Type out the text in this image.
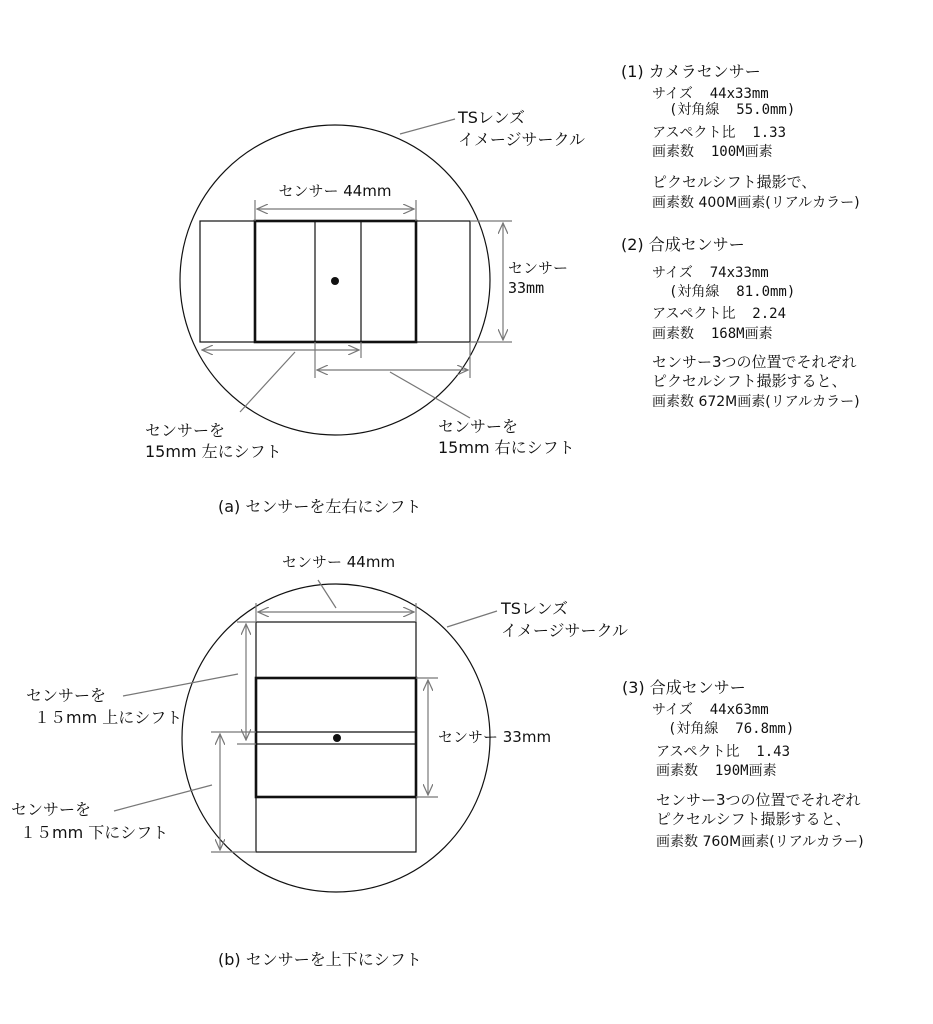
センサー 44mm
センサー
33mm
TSレンズ
イメージサークル
センサーを
15mm 左にシフト
センサーを
15mm 右にシフト
(a) センサーを左右にシフト
(1) カメラセンサー
サイズ  44x33mm
(対角線  55.0mm)
アスペクト比  1.33
画素数  100M画素
ピクセルシフト撮影で、
画素数 400M画素(リアルカラー)
(2) 合成センサー
サイズ  74x33mm
(対角線  81.0mm)
アスペクト比  2.24
画素数  168M画素
センサー3つの位置でそれぞれ
ピクセルシフト撮影すると、
画素数 672M画素(リアルカラー)
センサー 44mm
TSレンズ
イメージサークル
センサー 33mm
センサーを
１５mm 上にシフト
センサーを
１５mm 下にシフト
(b) センサーを上下にシフト
(3) 合成センサー
サイズ  44x63mm
(対角線  76.8mm)
アスペクト比  1.43
画素数  190M画素
センサー3つの位置でそれぞれ
ピクセルシフト撮影すると、
画素数 760M画素(リアルカラー)
